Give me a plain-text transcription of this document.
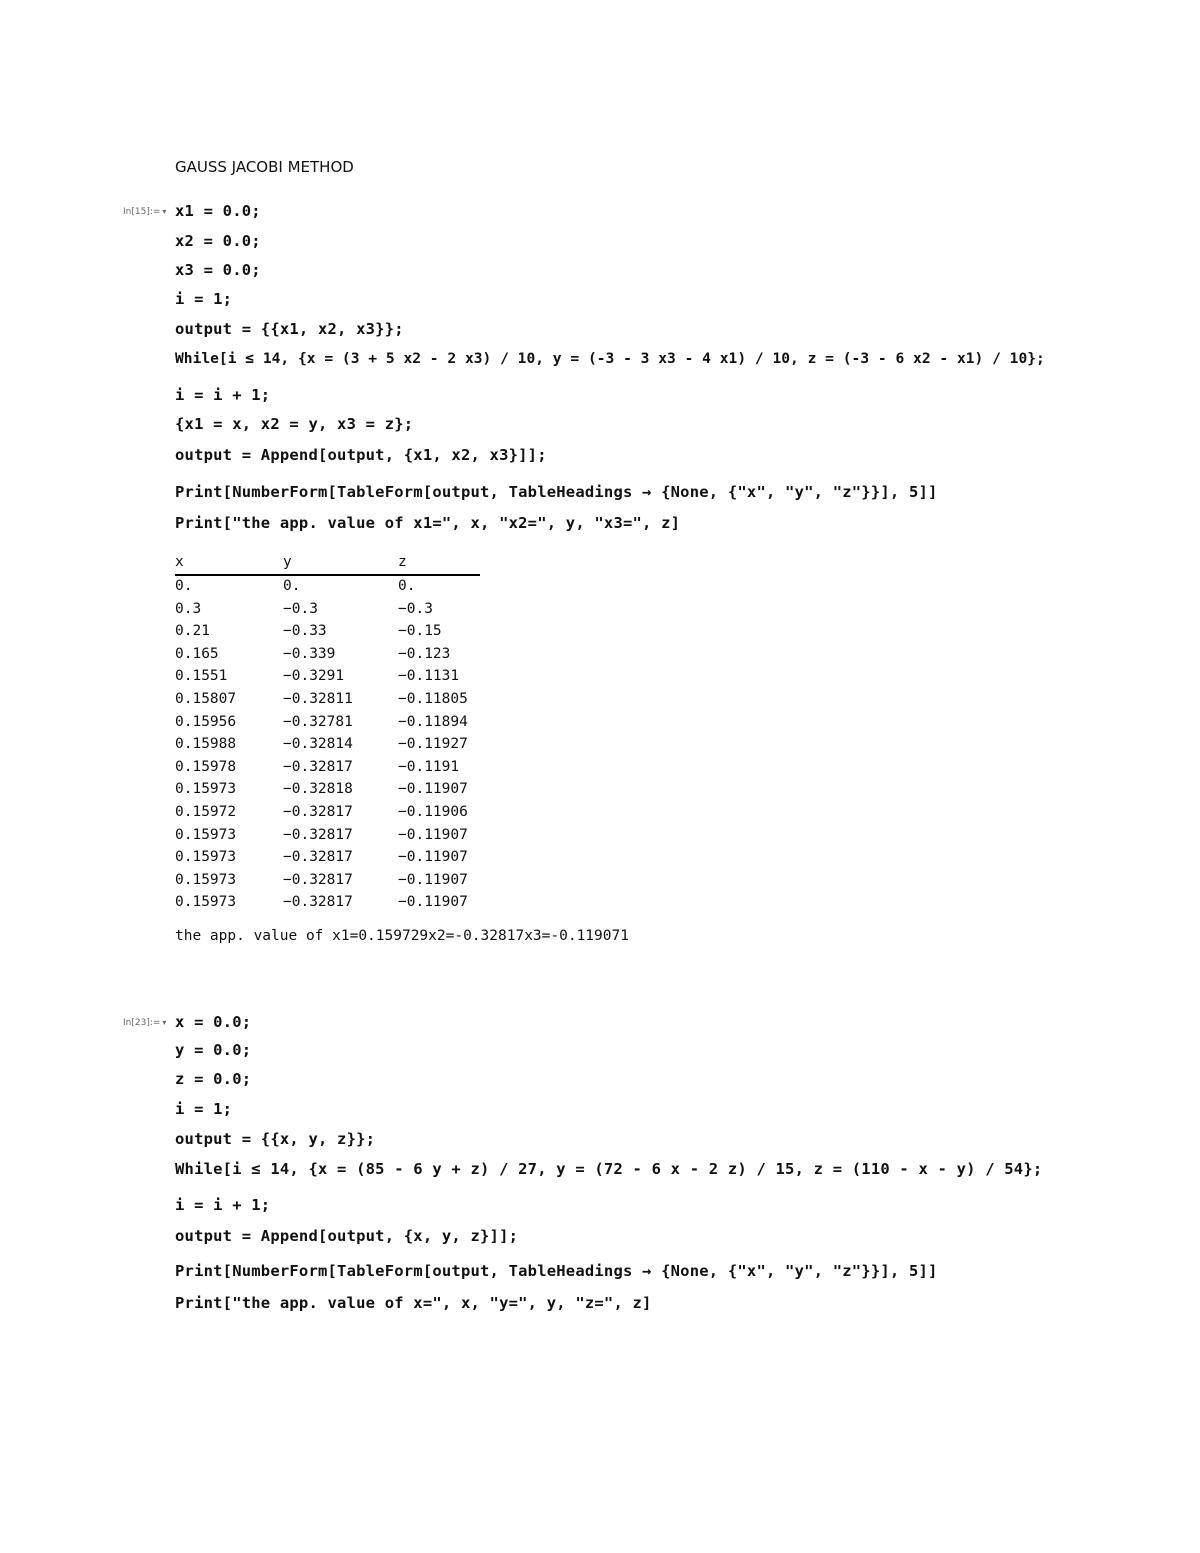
GAUSS JACOBI METHOD
In[15]:= ▾ x1 = 0.0;
x2 = 0.0;
x3 = 0.0;
i = 1;
output = {{x1, x2, x3}};
While[i ≤ 14, {x = (3 + 5 x2 - 2 x3) / 10, y = (-3 - 3 x3 - 4 x1) / 10, z = (-3 - 6 x2 - x1) / 10};
i = i + 1;
{x1 = x, x2 = y, x3 = z};
output = Append[output, {x1, x2, x3}]];
Print[NumberForm[TableForm[output, TableHeadings → {None, {"x", "y", "z"}}], 5]]
Print["the app. value of x1=", x, "x2=", y, "x3=", z]
x	y	z
0.	0.	0.
0.3	−0.3	−0.3
0.21	−0.33	−0.15
0.165	−0.339	−0.123
0.1551	−0.3291	−0.1131
0.15807	−0.32811	−0.11805
0.15956	−0.32781	−0.11894
0.15988	−0.32814	−0.11927
0.15978	−0.32817	−0.1191
0.15973	−0.32818	−0.11907
0.15972	−0.32817	−0.11906
0.15973	−0.32817	−0.11907
0.15973	−0.32817	−0.11907
0.15973	−0.32817	−0.11907
0.15973	−0.32817	−0.11907
the app. value of x1=0.159729x2=-0.32817x3=-0.119071
In[23]:= ▾ x = 0.0;
y = 0.0;
z = 0.0;
i = 1;
output = {{x, y, z}};
While[i ≤ 14, {x = (85 - 6 y + z) / 27, y = (72 - 6 x - 2 z) / 15, z = (110 - x - y) / 54};
i = i + 1;
output = Append[output, {x, y, z}]];
Print[NumberForm[TableForm[output, TableHeadings → {None, {"x", "y", "z"}}], 5]]
Print["the app. value of x=", x, "y=", y, "z=", z]
